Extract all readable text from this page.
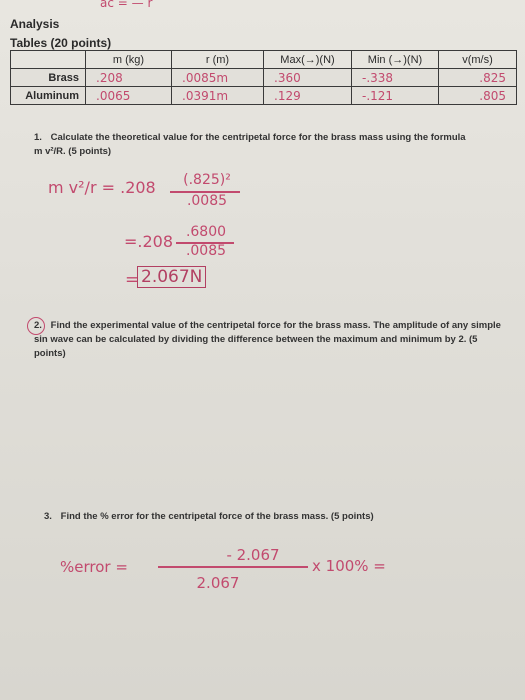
ac = — r
Analysis
Tables (20 points)
	m (kg)	r (m)	Max(→)(N)	Min (→)(N)	v(m/s)
Brass	.208	.0085m	.360	-.338	.825
Aluminum	.0065	.0391m	.129	-.121	.805
1. Calculate the theoretical value for the centripetal force for the brass mass using the formula m v²/R. (5 points)
m v²/r = .208	(.825)²
.0085
=.208 .6800
.0085
= 2.067N
2. Find the experimental value of the centripetal force for the brass mass. The amplitude of any simple sin wave can be calculated by dividing the difference between the maximum and minimum by 2. (5 points)
3. Find the % error for the centripetal force of the brass mass. (5 points)
%error =
- 2.067
2.067
x 100% =
